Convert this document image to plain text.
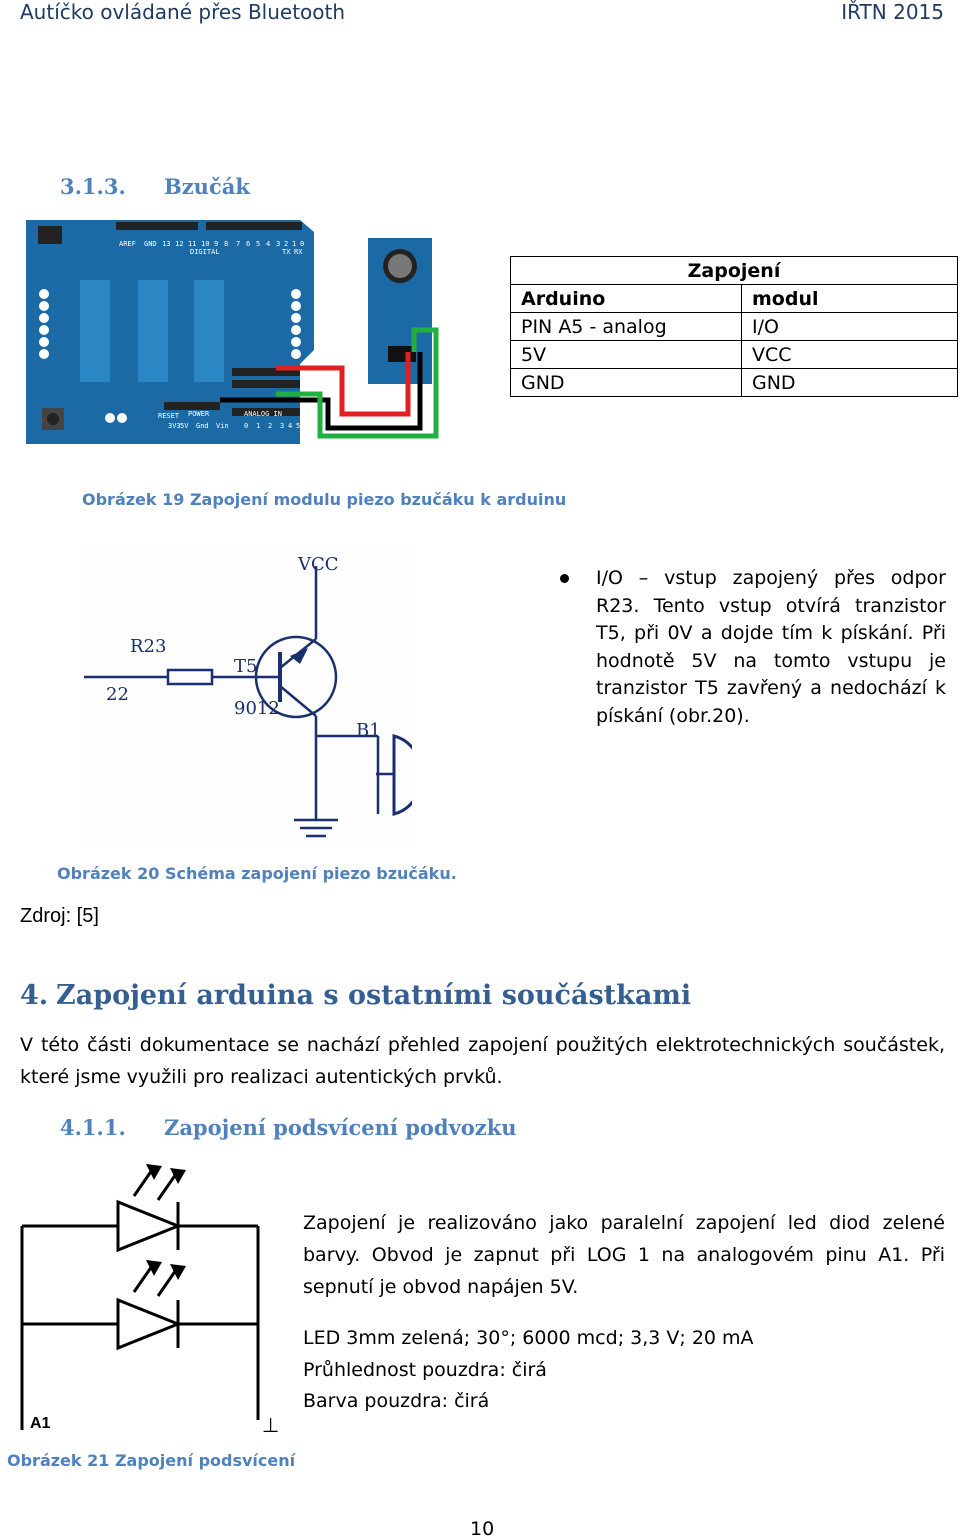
Autíčko ovládané přes Bluetooth	IŘTN 2015
3.1.3. Bzučák
AREF GND 13 12 11 10 9 8
DIGITAL
7 6 5 4 3 2 1 0
TX RX
RESET
3V3
POWER
5V Gnd Vin
ANALOG IN
0 1 2 3 4 5
Zapojení	
Arduino	modul
PIN A5 - analog	I/O
5V	VCC
GND	GND
Obrázek 19 Zapojení modulu piezo bzučáku k arduinu
VCC
R23
22
T5
9012
B1
I/O – vstup zapojený přes odpor R23. Tento vstup otvírá tranzistor T5, při 0V a dojde tím k pískání. Při hodnotě 5V na tomto vstupu je tranzistor T5 zavřený a nedochází k pískání (obr.20).
Obrázek 20 Schéma zapojení piezo bzučáku.
Zdroj: [5]
4. Zapojení arduina s ostatními součástkami
V této části dokumentace se nachází přehled zapojení použitých elektrotechnických součástek, které jsme využili pro realizaci autentických prvků.
4.1.1. Zapojení podsvícení podvozku
A1	⊥
Zapojení je realizováno jako paralelní zapojení led diod zelené barvy. Obvod je zapnut při LOG 1 na analogovém pinu A1. Při sepnutí je obvod napájen 5V.
LED 3mm zelená; 30°; 6000 mcd; 3,3 V; 20 mA
Průhlednost pouzdra: čirá
Barva pouzdra: čirá
Obrázek 21 Zapojení podsvícení
10
